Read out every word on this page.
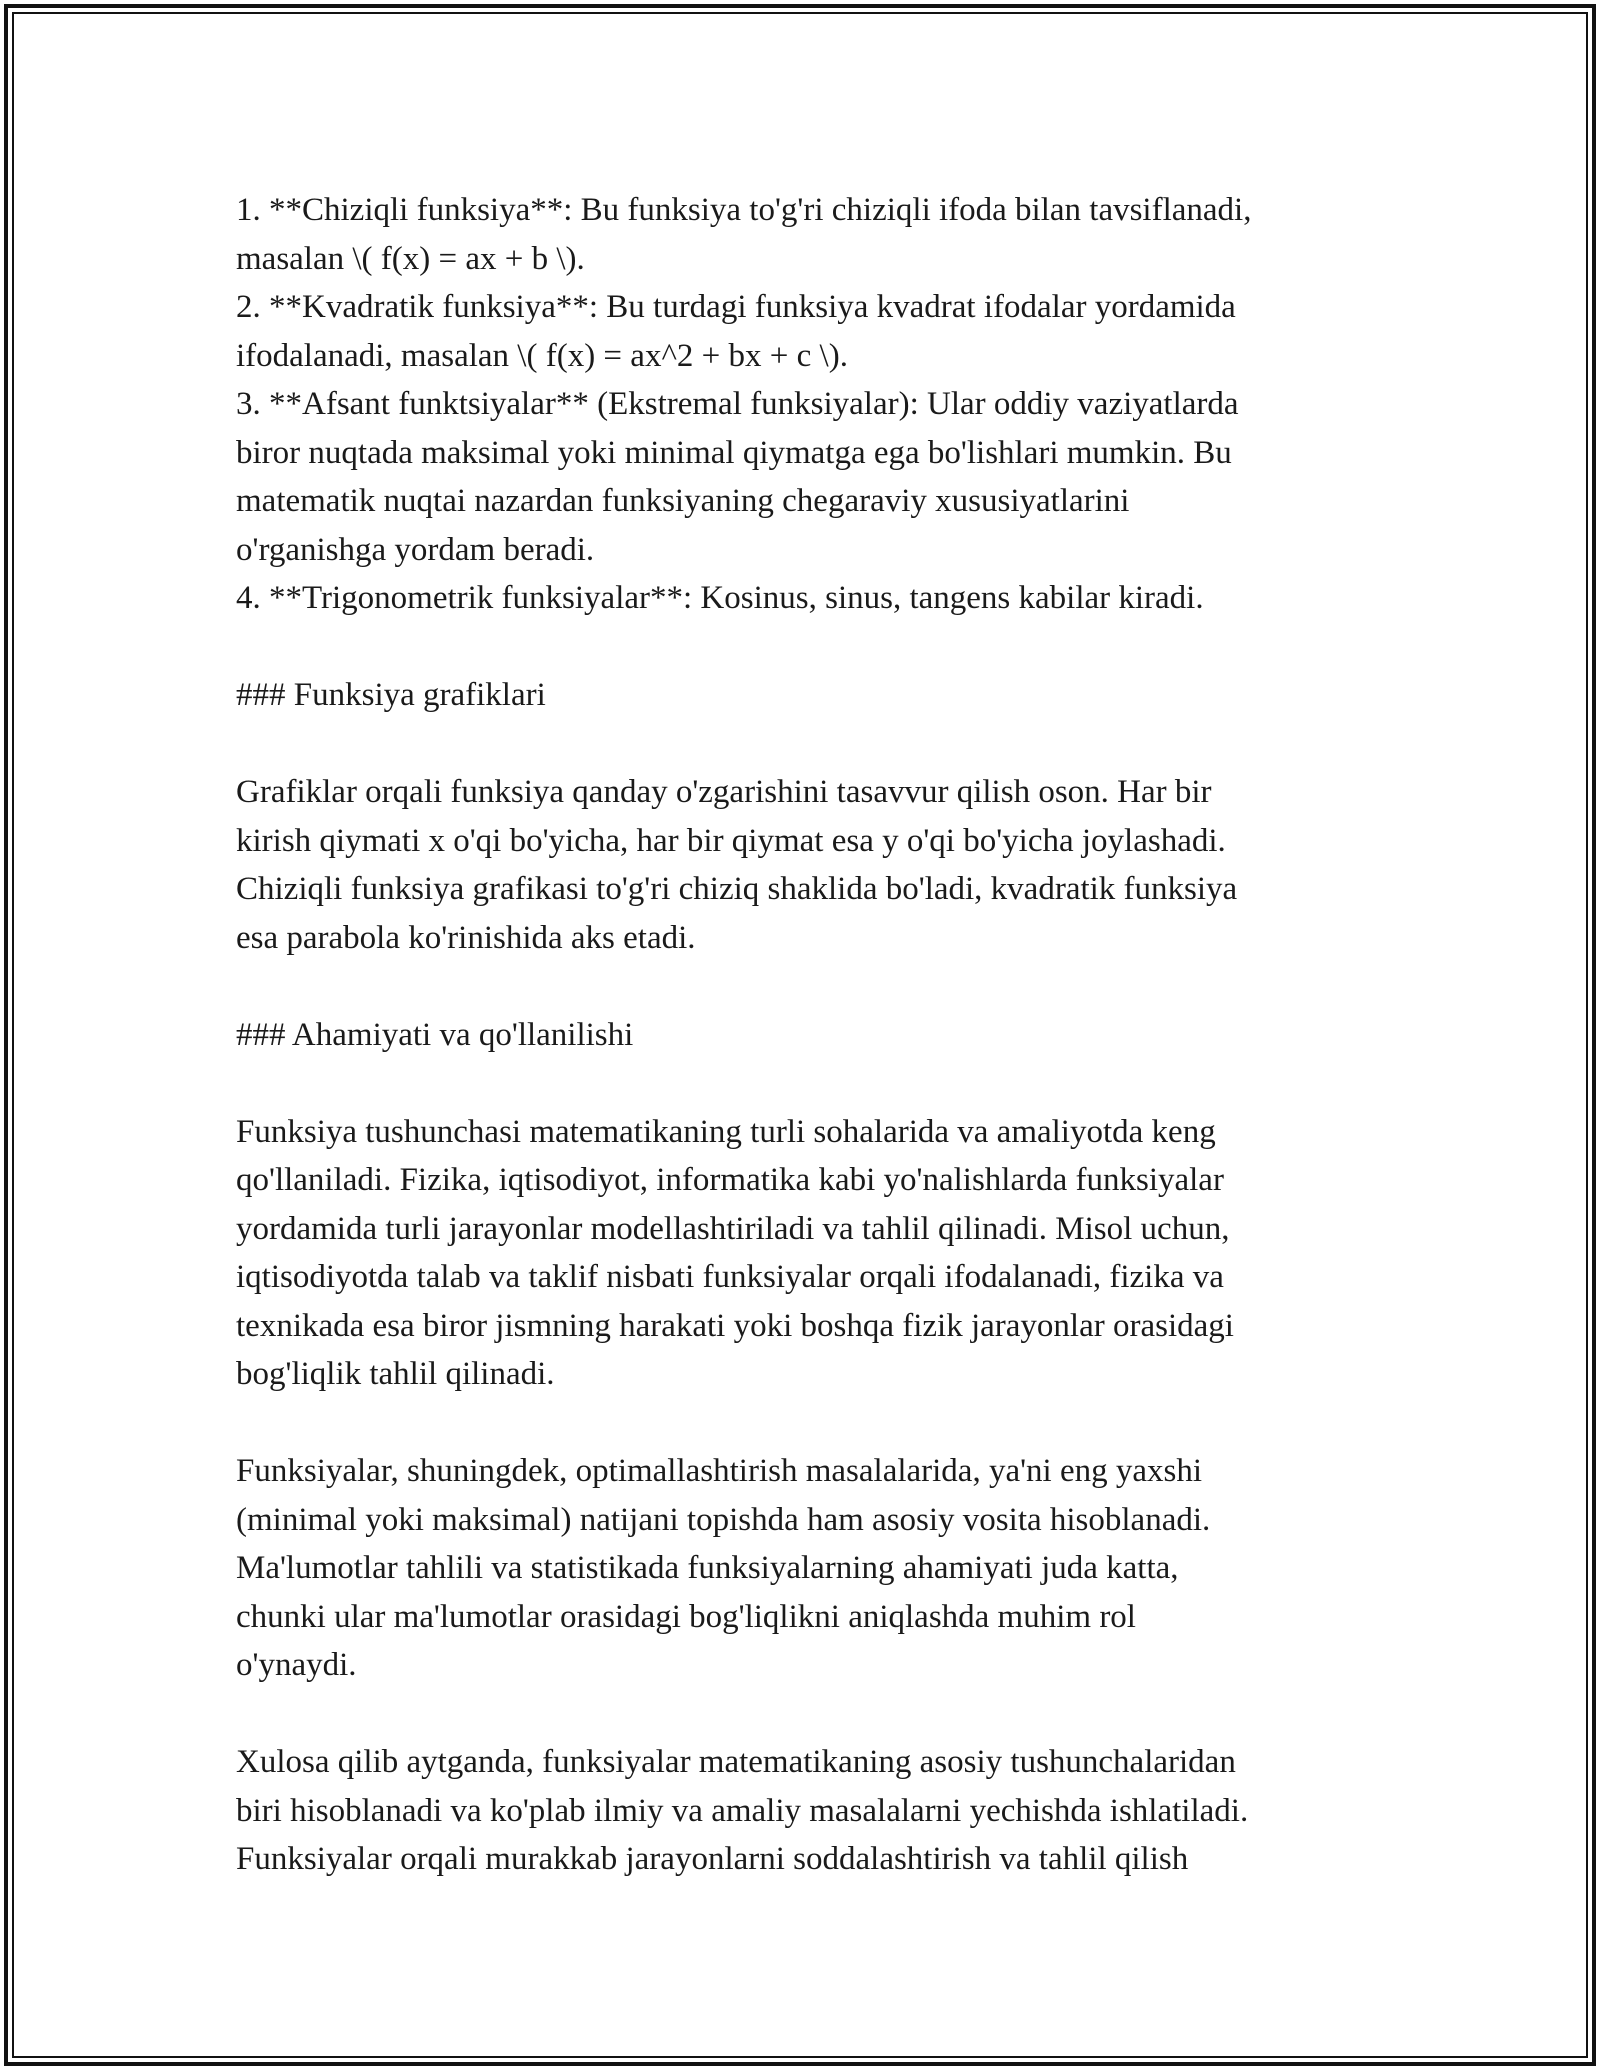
1. **Chiziqli funksiya**: Bu funksiya to'g'ri chiziqli ifoda bilan tavsiflanadi,

masalan \( f(x) = ax + b \).

2. **Kvadratik funksiya**: Bu turdagi funksiya kvadrat ifodalar yordamida

ifodalanadi, masalan \( f(x) = ax^2 + bx + c \).

3. **Afsant funktsiyalar** (Ekstremal funksiyalar): Ular oddiy vaziyatlarda

biror nuqtada maksimal yoki minimal qiymatga ega bo'lishlari mumkin. Bu

matematik nuqtai nazardan funksiyaning chegaraviy xususiyatlarini

o'rganishga yordam beradi.

4. **Trigonometrik funksiyalar**: Kosinus, sinus, tangens kabilar kiradi.

### Funksiya grafiklari

Grafiklar orqali funksiya qanday o'zgarishini tasavvur qilish oson. Har bir

kirish qiymati x o'qi bo'yicha, har bir qiymat esa y o'qi bo'yicha joylashadi.

Chiziqli funksiya grafikasi to'g'ri chiziq shaklida bo'ladi, kvadratik funksiya

esa parabola ko'rinishida aks etadi.

### Ahamiyati va qo'llanilishi

Funksiya tushunchasi matematikaning turli sohalarida va amaliyotda keng

qo'llaniladi. Fizika, iqtisodiyot, informatika kabi yo'nalishlarda funksiyalar

yordamida turli jarayonlar modellashtiriladi va tahlil qilinadi. Misol uchun,

iqtisodiyotda talab va taklif nisbati funksiyalar orqali ifodalanadi, fizika va

texnikada esa biror jismning harakati yoki boshqa fizik jarayonlar orasidagi

bog'liqlik tahlil qilinadi.

Funksiyalar, shuningdek, optimallashtirish masalalarida, ya'ni eng yaxshi

(minimal yoki maksimal) natijani topishda ham asosiy vosita hisoblanadi.

Ma'lumotlar tahlili va statistikada funksiyalarning ahamiyati juda katta,

chunki ular ma'lumotlar orasidagi bog'liqlikni aniqlashda muhim rol

o'ynaydi.

Xulosa qilib aytganda, funksiyalar matematikaning asosiy tushunchalaridan

biri hisoblanadi va ko'plab ilmiy va amaliy masalalarni yechishda ishlatiladi.

Funksiyalar orqali murakkab jarayonlarni soddalashtirish va tahlil qilish
